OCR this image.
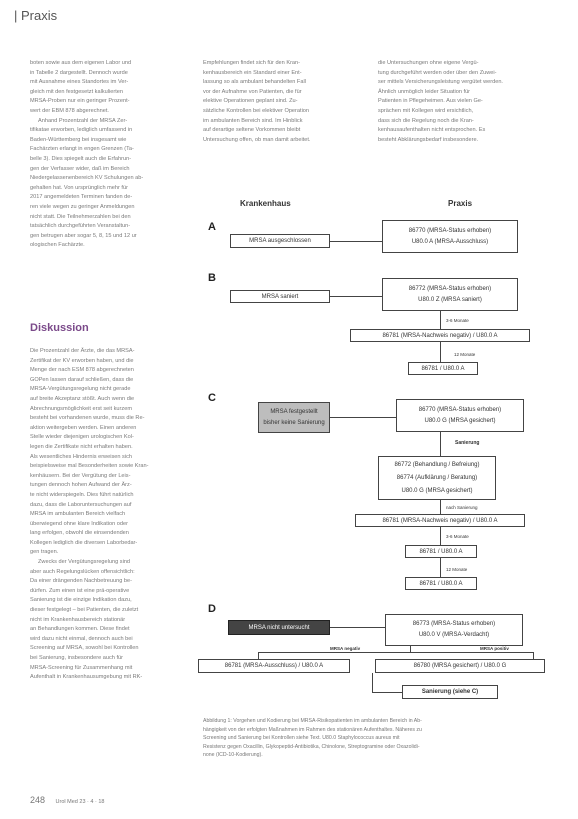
| Praxis

boten sowie aus dem eigenen Labor und

in Tabelle 2 dargestellt. Dennoch wurde

mit Ausnahme eines Standortes im Ver-

gleich mit den festgesetzt kalkulierten

MRSA-Proben nur ein geringer Prozent-

wert der EBM 878 abgerechnet.

Anhand Prozentzahl der MRSA Zer-

tifikatae erworben, lediglich umfassend in

Baden-Württemberg bei insgesamt wie

Fachärzten erlangt in engen Grenzen (Ta-

belle 3). Dies spiegelt auch die Erfahrun-

gen der Verfasser wider, daß im Bereich

Niedergelassenenbereich KV Schulungen ab-

gehalten hat. Von ursprünglich mehr für

2017 angemeldeten Terminen fanden de-

ren viele wegen zu geringer Anmeldungen

nicht statt. Die Teilnehmerzahlen bei den

tatsächlich durchgeführten Veranstaltun-

gen betrugen aber sogar 5, 8, 15 und 12 ur

ologischen Fachärzte.

Diskussion

Die Prozentzahl der Ärzte, die das MRSA-

Zertifikat der KV erworben haben, und die

Menge der nach ESM 878 abgerechneten

GOPen lassen darauf schließen, dass die

MRSA-Vergütungsregelung nicht gerade

auf breite Akzeptanz stößt. Auch wenn die

Abrechnungsmöglichkeit erst seit kurzem

besteht bei vorhandenen wurde, muss die Re-

aktion weitergeben werden. Einen anderen

Stelle wieder diejenigen urologischen Kol-

legen die Zertifikate nicht erhalten haben.

Als wesentliches Hindernis erweisen sich

beispielsweise mal Besonderheiten sowie Kran-

kenhäusern. Bei der Vergütung der Leis-

tungen dennoch hohen Aufwand der Ärz-

te nicht widerspiegeln. Dies führt natürlich

dazu, dass die Laboruntersuchungen auf

MRSA im ambulanten Bereich vielfach

überwiegend ohne klare Indikation oder

lang erfolgen, obwohl die einsendenden

Kollegen lediglich die diversen Laborbedar-

gen tragen.

Zwecks der Vergütungsregelung sind

aber auch Regelungslücken offensichtlich:

Da einer drängenden Nachbetreuung be-

dürfen. Zum einen ist eine prä-operative

Sanierung ist die einzige Indikation dazu,

dieser festgelegt – bei Patienten, die zuletzt

nicht im Krankenhausbereich stationär

an Behandlungen kommen. Diese findet

wird dazu nicht einmal, dennoch auch bei

Screening auf MRSA, sowohl bei Kontrollen

bei Sanierung, insbesondere auch für

MRSA-Screening für Zusammenhang mit

Aufenthalt in Krankenhausumgebung mit RK-

Empfehlungen findet sich für den Kran-

kenhausbereich ein Standard einer Ent-

lassung so als ambulant behandelten Fall

vor der Aufnahme von Patienten, die für

elektive Operationen geplant sind. Zu-

sätzliche Kontrollen bei elektiver Operation

im ambulanten Bereich sind. Im Hinblick

auf derartige seltene Vorkommen bleibt

Untersuchung offen, ob man damit arbeitet.

die Untersuchungen ohne eigene Vergü-

tung durchgeführt werden oder über den Zuwei-

ser mittels Versicherungsleistung vergütet werden.

Ähnlich unmöglich leider Situation für

Patienten in Pflegeheimen. Aus vielen Ge-

sprächen mit Kollegen wird ersichtlich,

dass sich die Regelung noch die Kran-

kenhausaufenthalten nicht entsprochen. Es

besteht Abklärungsbedarf insbesondere.

Krankenhaus	Praxis
A
MRSA ausgeschlossen
86770 (MRSA-Status erhoben)
U80.0 A (MRSA-Ausschluss)
B
MRSA saniert
86772 (MRSA-Status erhoben)
U80.0 Z (MRSA saniert)
3-6 Monate
86781 (MRSA-Nachweis negativ) / U80.0 A
12 Monate
86781 / U80.0 A
C
MRSA festgestellt
bisher keine Sanierung
86770 (MRSA-Status erhoben)
U80.0 G (MRSA gesichert)
Sanierung
86772 (Behandlung / Befreiung)
86774 (Aufklärung / Beratung)
U80.0 G (MRSA gesichert)
nach Sanierung
86781 (MRSA-Nachweis negativ) / U80.0 A
3-6 Monate
86781 / U80.0 A
12 Monate
86781 / U80.0 A
D
MRSA nicht untersucht
86773 (MRSA-Status erhoben)
U80.0 V (MRSA-Verdacht)
MRSA negativ	MRSA positiv
86781 (MRSA-Ausschluss) / U80.0 A	86780 (MRSA gesichert) / U80.0 G
Sanierung (siehe C)
Abbildung 1: Vorgehen und Kodierung bei MRSA-Risikopatienten im ambulanten Bereich in Ab-
hängigkeit von der erfolgten Maßnahmen im Rahmen des stationären Aufenthaltes. Näheres zu
Screening und Sanierung bei Kontrollen siehe Text. U80.0 Staphylococcus aureus mit
Resistenz gegen Oxacillin, Glykopeptid-Antibiotika, Chinolone, Streptogramine oder Oxazolidi-
none (ICD-10-Kodierung).
248 Urol Med 23 · 4 · 18
